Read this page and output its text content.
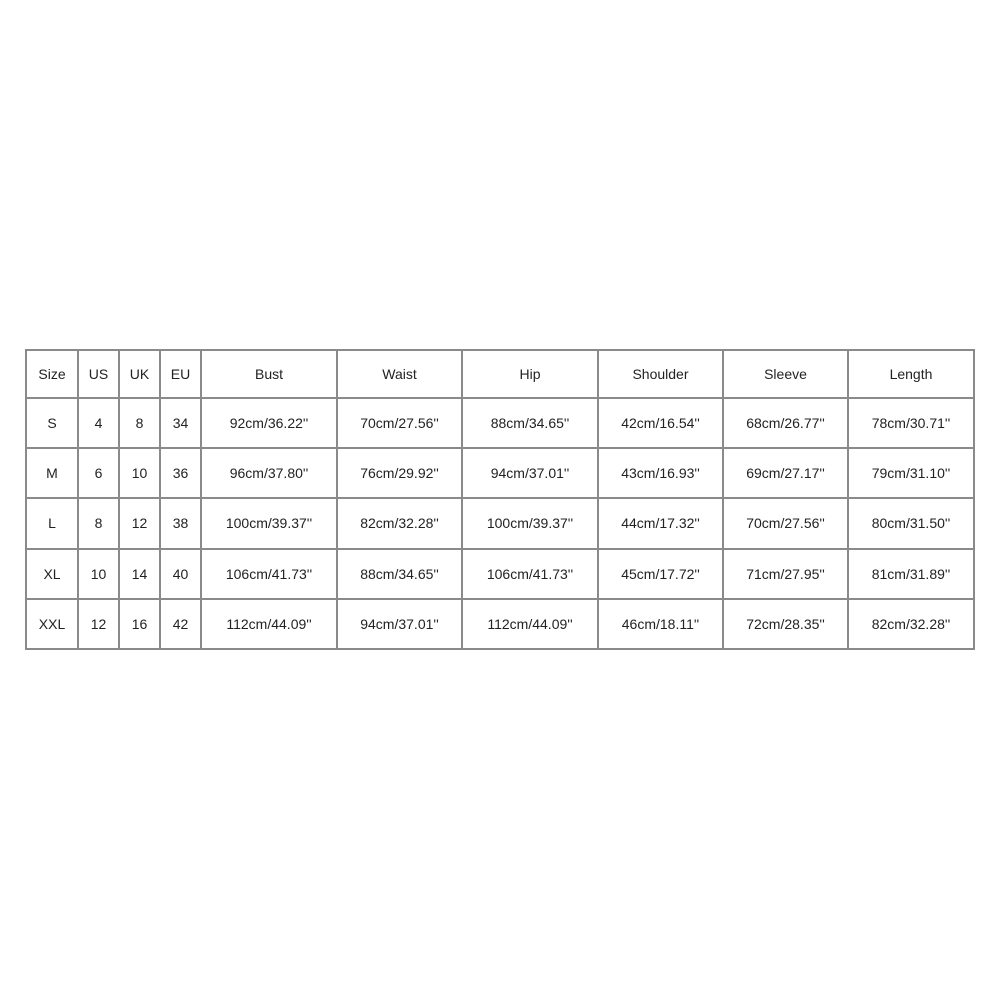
Size	US	UK	EU	Bust	Waist	Hip	Shoulder	Sleeve	Length
S	4	8	34	92cm/36.22''	70cm/27.56''	88cm/34.65''	42cm/16.54''	68cm/26.77''	78cm/30.71''
M	6	10	36	96cm/37.80''	76cm/29.92''	94cm/37.01''	43cm/16.93''	69cm/27.17''	79cm/31.10''
L	8	12	38	100cm/39.37''	82cm/32.28''	100cm/39.37''	44cm/17.32''	70cm/27.56''	80cm/31.50''
XL	10	14	40	106cm/41.73''	88cm/34.65''	106cm/41.73''	45cm/17.72''	71cm/27.95''	81cm/31.89''
XXL	12	16	42	112cm/44.09''	94cm/37.01''	112cm/44.09''	46cm/18.11''	72cm/28.35''	82cm/32.28''
